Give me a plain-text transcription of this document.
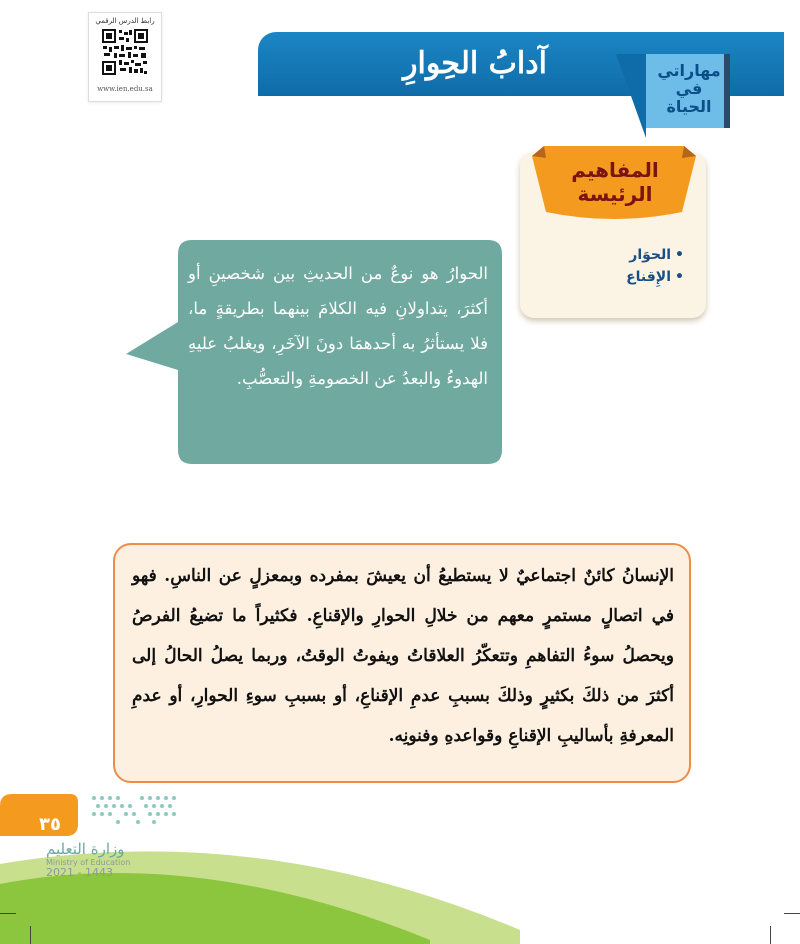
رابط الدرس الرقمي
www.ien.edu.sa
آدابُ الحِوارِ	مهاراتي
في الحياة
المفاهيم
الرئيسة
•الحوَار
•الإِقناع
الحوارُ هو نوعٌ من الحديثِ بين شخصينِ أو أكثرَ، يتداولانِ فيه الكلامَ بينهما بطريقةٍ ما، فلا يستأثرُ به أحدهمَا دونَ الآخَرِ، ويغلبُ عليهِ الهدوءُ والبعدُ عن الخصومةِ والتعصُّبِ.
الإنسانُ كائنٌ اجتماعيٌ لا يستطيعُ أن يعيشَ بمفرده وبمعزلٍ عن الناسِ. فهو في اتصالٍ مستمرٍ معهم من خلالِ الحوارِ والإقناعِ. فكثيراً ما تضيعُ الفرصُ ويحصلُ سوءُ التفاهمِ وتتعكّرُ العلاقاتُ ويفوتُ الوقتُ، وربما يصلُ الحالُ إلى أكثرَ من ذلكَ بكثيرٍ وذلكَ بسببِ عدمِ الإقناعِ، أو بسببِ سوءِ الحوارِ، أو عدمِ المعرفةِ بأساليبِ الإقناعِ وقواعدهِ وفنونِه.
٣٥
وزارة التعليم
Ministry of Education
2021 - 1443
